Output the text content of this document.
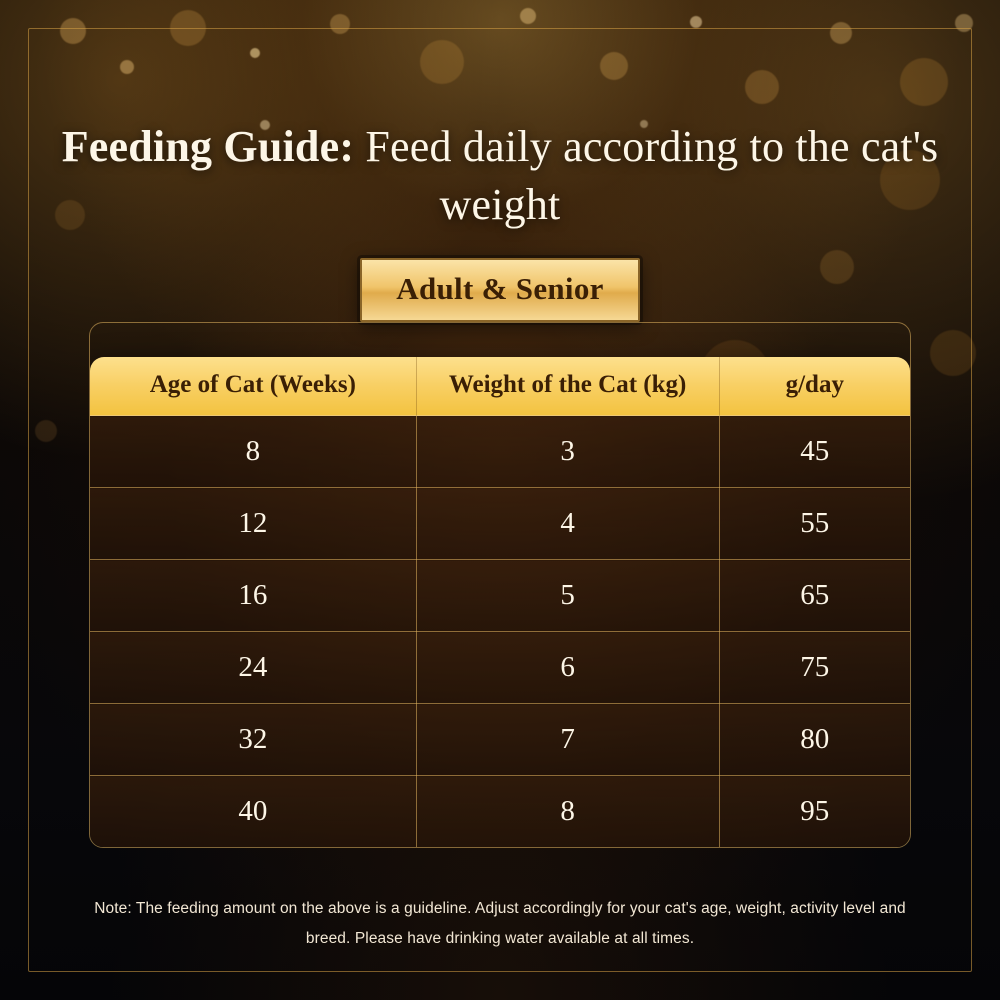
Feeding Guide: Feed daily according to the cat's weight
Adult & Senior
Age of Cat (Weeks)	Weight of the Cat (kg)	g/day
8	3	45
12	4	55
16	5	65
24	6	75
32	7	80
40	8	95
Note: The feeding amount on the above is a guideline. Adjust accordingly for your cat's age, weight, activity level and breed. Please have drinking water available at all times.
